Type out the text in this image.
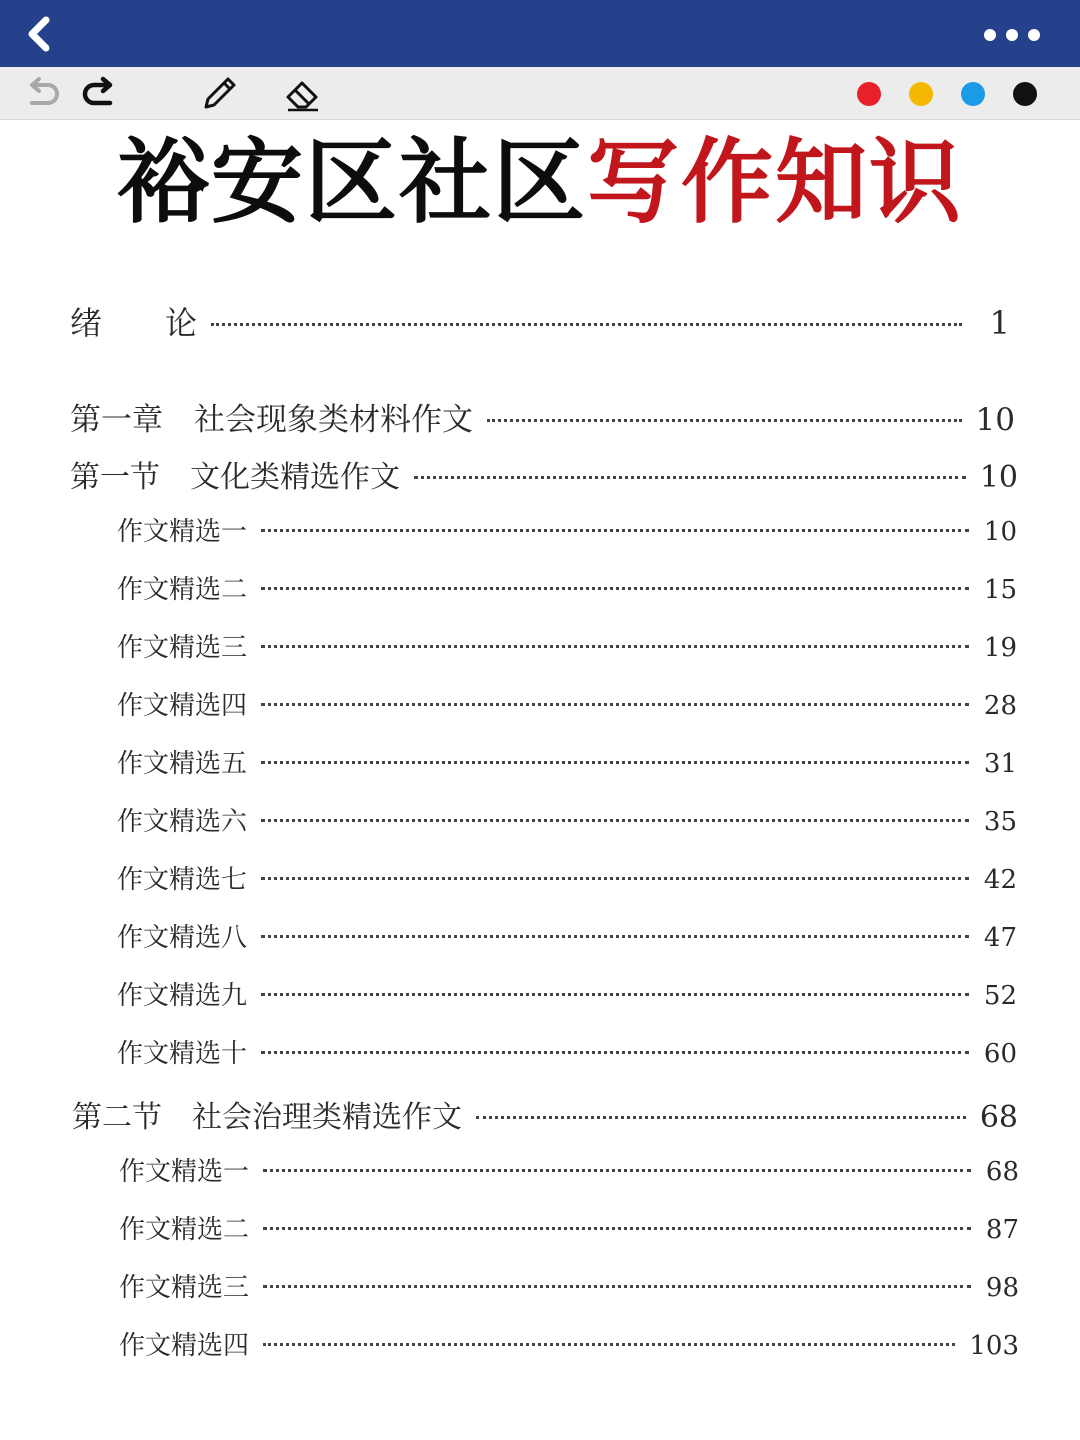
裕安区社区写作知识
绪 论	1
第一章　社会现象类材料作文	10
第一节　文化类精选作文	10
作文精选一	10
作文精选二	15
作文精选三	19
作文精选四	28
作文精选五	31
作文精选六	35
作文精选七	42
作文精选八	47
作文精选九	52
作文精选十	60
第二节　社会治理类精选作文	68
作文精选一	68
作文精选二	87
作文精选三	98
作文精选四	103
